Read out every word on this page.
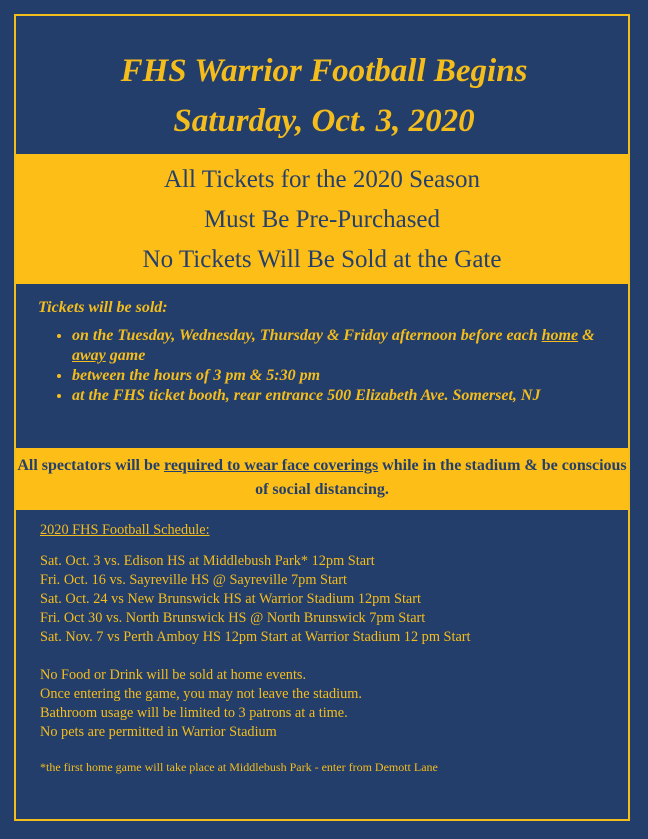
FHS Warrior Football Begins
Saturday, Oct. 3, 2020
All Tickets for the 2020 Season
Must Be Pre-Purchased
No Tickets Will Be Sold at the Gate
Tickets will be sold:
• on the Tuesday, Wednesday, Thursday & Friday afternoon before each home & away game
• between the hours of 3 pm & 5:30 pm
• at the FHS ticket booth, rear entrance 500 Elizabeth Ave. Somerset, NJ
All spectators will be required to wear face coverings while in the stadium & be conscious of social distancing.
2020 FHS Football Schedule:
Sat. Oct. 3 vs. Edison HS at Middlebush Park* 12pm Start
Fri. Oct. 16 vs. Sayreville HS @ Sayreville 7pm Start
Sat. Oct. 24 vs New Brunswick HS at Warrior Stadium 12pm Start
Fri. Oct 30 vs. North Brunswick HS @ North Brunswick 7pm Start
Sat. Nov. 7 vs Perth Amboy HS 12pm Start at Warrior Stadium 12 pm Start
No Food or Drink will be sold at home events.
Once entering the game, you may not leave the stadium.
Bathroom usage will be limited to 3 patrons at a time.
No pets are permitted in Warrior Stadium
*the first home game will take place at Middlebush Park - enter from Demott Lane
